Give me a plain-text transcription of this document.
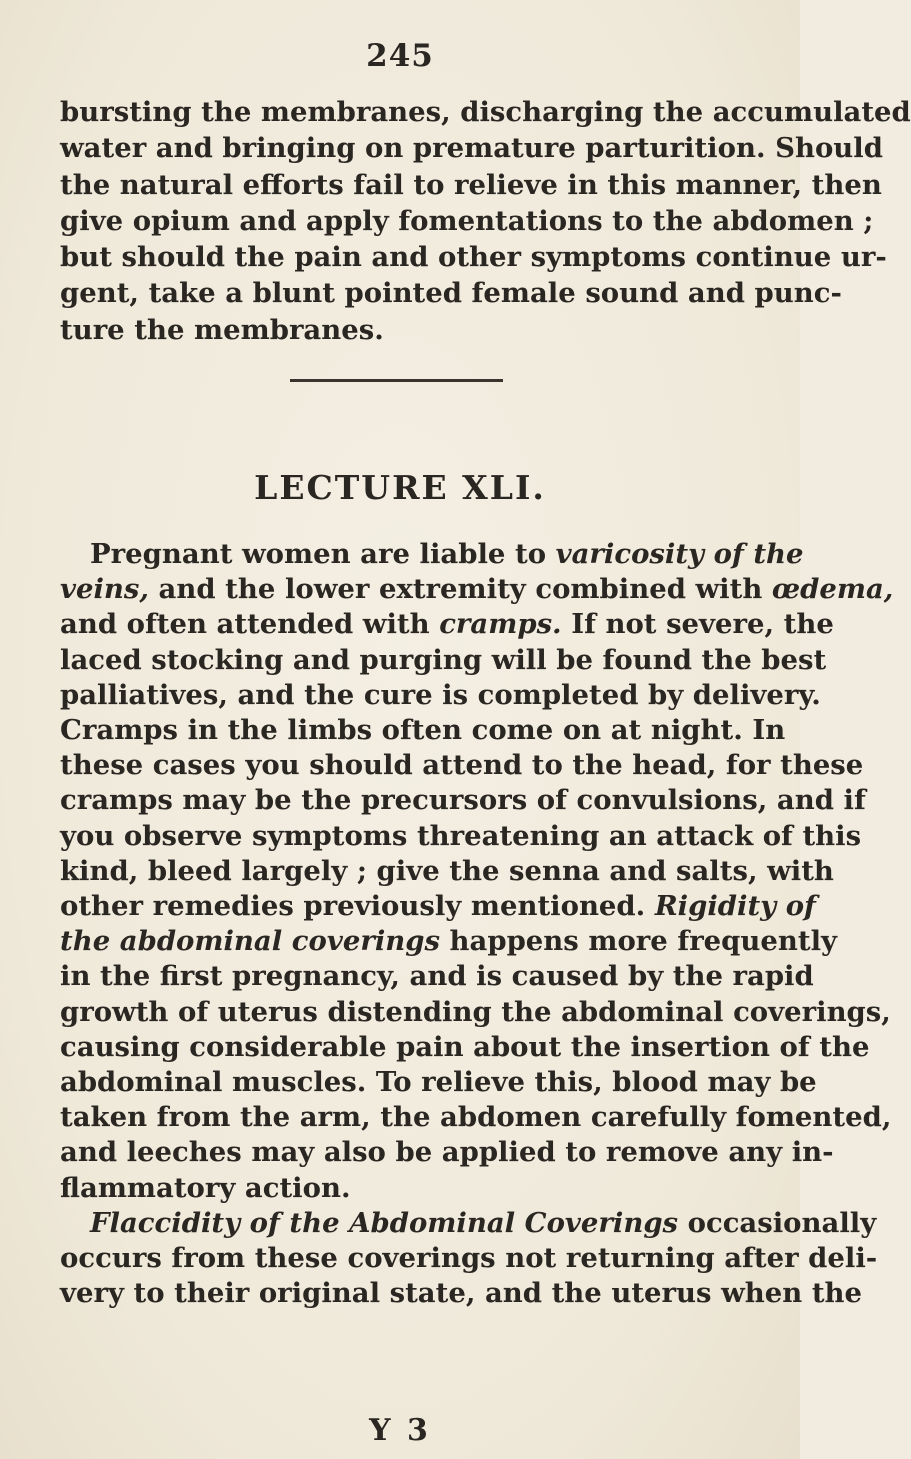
245
bursting the membranes, discharging the accumulated
water and bringing on premature parturition. Should
the natural efforts fail to relieve in this manner, then
give opium and apply fomentations to the abdomen ;
but should the pain and other symptoms continue ur-
gent, take a blunt pointed female sound and punc-
ture the membranes.
LECTURE XLI.
Pregnant women are liable to varicosity of the
veins, and the lower extremity combined with œdema,
and often attended with cramps. If not severe, the
laced stocking and purging will be found the best
palliatives, and the cure is completed by delivery.
Cramps in the limbs often come on at night. In
these cases you should attend to the head, for these
cramps may be the precursors of convulsions, and if
you observe symptoms threatening an attack of this
kind, bleed largely ; give the senna and salts, with
other remedies previously mentioned. Rigidity of
the abdominal coverings happens more frequently
in the first pregnancy, and is caused by the rapid
growth of uterus distending the abdominal coverings,
causing considerable pain about the insertion of the
abdominal muscles. To relieve this, blood may be
taken from the arm, the abdomen carefully fomented,
and leeches may also be applied to remove any in-
flammatory action.
Flaccidity of the Abdominal Coverings occasionally
occurs from these coverings not returning after deli-
very to their original state, and the uterus when the
Y 3
